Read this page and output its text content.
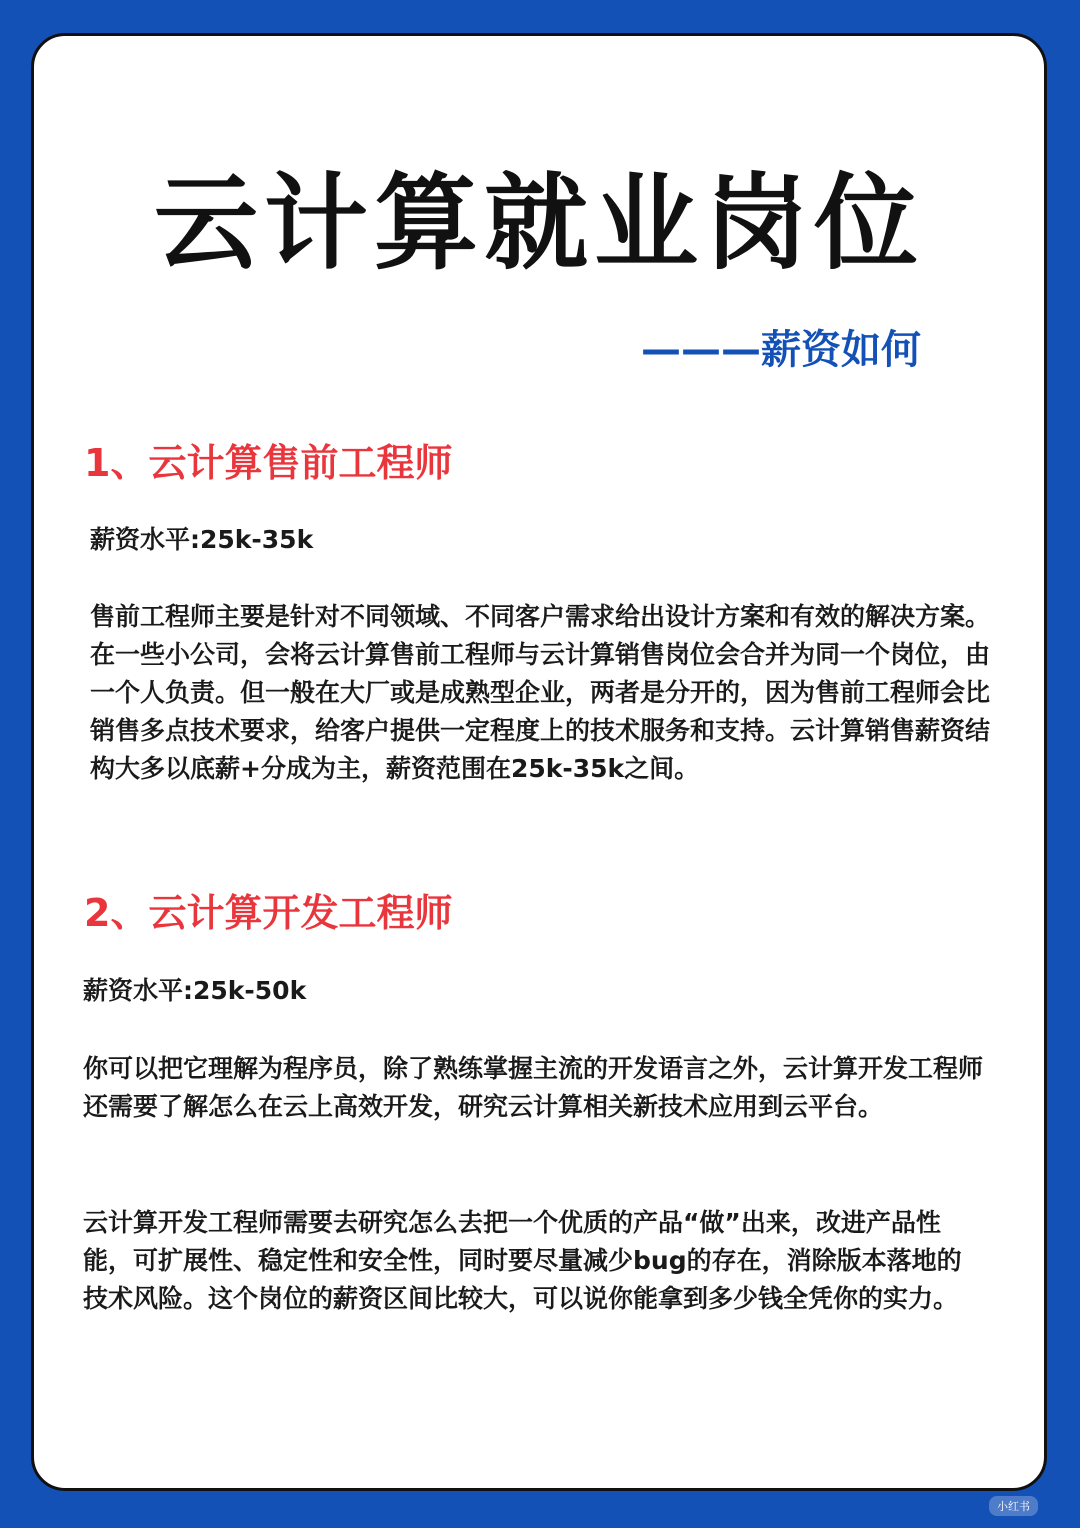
云计算就业岗位
———薪资如何
1、云计算售前工程师
薪资水平:25k-35k

售前工程师主要是针对不同领域、不同客户需求给出设计方案和有效的解决方案。在一些小公司，会将云计算售前工程师与云计算销售岗位会合并为同一个岗位，由一个人负责。但一般在大厂或是成熟型企业，两者是分开的，因为售前工程师会比销售多点技术要求，给客户提供一定程度上的技术服务和支持。云计算销售薪资结构大多以底薪+分成为主，薪资范围在25k-35k之间。

2、云计算开发工程师
薪资水平:25k-50k

你可以把它理解为程序员，除了熟练掌握主流的开发语言之外，云计算开发工程师还需要了解怎么在云上高效开发，研究云计算相关新技术应用到云平台。

云计算开发工程师需要去研究怎么去把一个优质的产品“做”出来，改进产品性能，可扩展性、稳定性和安全性，同时要尽量减少bug的存在，消除版本落地的技术风险。这个岗位的薪资区间比较大，可以说你能拿到多少钱全凭你的实力。

小红书
